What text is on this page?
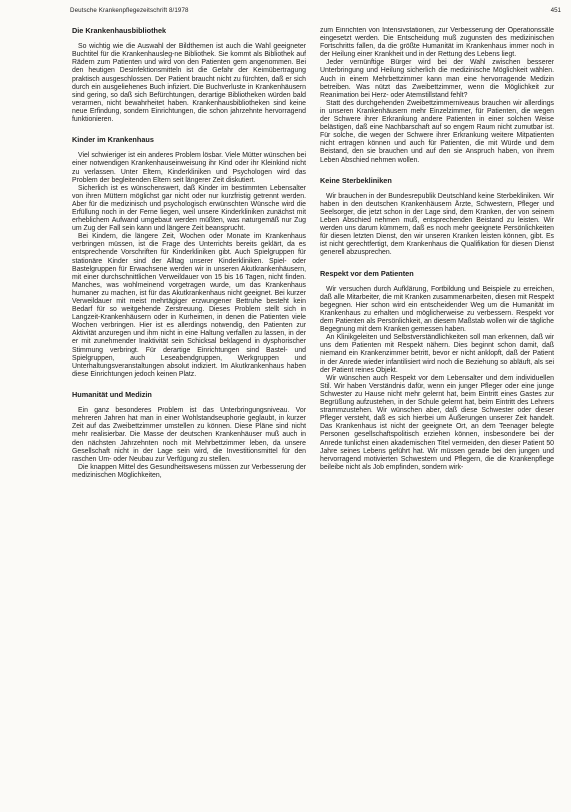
Deutsche Krankenpflegezeitschrift 8/1978	451
Die Krankenhausbibliothek

So wichtig wie die Auswahl der Bildthemen ist auch die Wahl geeigneter Buchtitel für die Krankenhausleg-ne Bibliothek. Sie kommt als Bibliothek auf Rädern zum Patienten und wird von den Patienten gern angenommen. Bei den heutigen Desinfektionsmitteln ist die Gefahr der Keimübertragung praktisch ausgeschlossen. Der Patient braucht nicht zu fürchten, daß er sich durch ein ausgeliehenes Buch infiziert. Die Buchverluste in Krankenhäusern sind gering, so daß sich Befürchtungen, derartige Bibliotheken würden bald verarmen, nicht bewahrheitet haben. Krankenhausbibliotheken sind keine neue Erfindung, sondern Einrichtungen, die schon jahrzehnte hervorragend funktionieren.

Kinder im Krankenhaus

Viel schwieriger ist ein anderes Problem lösbar. Viele Mütter wünschen bei einer notwendigen Krankenhauseinweisung ihr Kind oder ihr Kleinkind nicht zu verlassen. Unter Eltern, Kinderkliniken und Psychologen wird das Problem der begleitenden Eltern seit längerer Zeit diskutiert.

Sicherlich ist es wünschenswert, daß Kinder im bestimmten Lebensalter von ihren Müttern möglichst gar nicht oder nur kurzfristig getrennt werden. Aber für die medizinisch und psychologisch erwünschten Wünsche wird die Erfüllung noch in der Ferne liegen, weil unsere Kinderkliniken zunächst mit erheblichem Aufwand umgebaut werden müßten, was naturgemäß nur Zug um Zug der Fall sein kann und längere Zeit beansprucht.

Bei Kindern, die längere Zeit, Wochen oder Monate im Krankenhaus verbringen müssen, ist die Frage des Unterrichts bereits geklärt, da es entsprechende Vorschriften für Kinderkliniken gibt. Auch Spielgruppen für stationäre Kinder sind der Alltag unserer Kinderkliniken. Spiel- oder Bastelgruppen für Erwachsene werden wir in unseren Akutkrankenhäusern, mit einer durchschnittlichen Verweildauer von 15 bis 16 Tagen, nicht finden. Manches, was wohlmeinend vorgetragen wurde, um das Krankenhaus humaner zu machen, ist für das Akutkrankenhaus nicht geeignet. Bei kurzer Verweildauer mit meist mehrtägiger erzwungener Bettruhe besteht kein Bedarf für so weitgehende Zerstreuung. Dieses Problem stellt sich in Langzeit-Krankenhäusern oder in Kurheimen, in denen die Patienten viele Wochen verbringen. Hier ist es allerdings notwendig, den Patienten zur Aktivität anzuregen und ihm nicht in eine Haltung verfallen zu lassen, in der er mit zunehmender Inaktivität sein Schicksal beklagend in dysphorischer Stimmung verbringt. Für derartige Einrichtungen sind Bastel- und Spielgruppen, auch Leseabendgruppen, Werkgruppen und Unterhaltungsveranstaltungen absolut indiziert. Im Akutkrankenhaus haben diese Einrichtungen jedoch keinen Platz.

Humanität und Medizin

Ein ganz besonderes Problem ist das Unterbringungsniveau. Vor mehreren Jahren hat man in einer Wohlstandseuphorie geglaubt, in kurzer Zeit auf das Zweibettzimmer umstellen zu können. Diese Pläne sind nicht mehr realisierbar. Die Masse der deutschen Krankenhäuser muß auch in den nächsten Jahrzehnten noch mit Mehrbettzimmer leben, da unsere Gesellschaft nicht in der Lage sein wird, die Investitionsmittel für den raschen Um- oder Neubau zur Verfügung zu stellen.

Die knappen Mittel des Gesundheitswesens müssen zur Verbesserung der medizinischen Möglichkeiten,

zum Einrichten von Intensivstationen, zur Verbesserung der Operationssäle eingesetzt werden. Die Entscheidung muß zugunsten des medizinischen Fortschritts fallen, da die größte Humanität im Krankenhaus immer noch in der Heilung einer Krankheit und in der Rettung des Lebens liegt.

Jeder vernünftige Bürger wird bei der Wahl zwischen besserer Unterbringung und Heilung sicherlich die medizinische Möglichkeit wählen. Auch in einem Mehrbettzimmer kann man eine hervorragende Medizin betreiben. Was nützt das Zweibettzimmer, wenn die Möglichkeit zur Reanimation bei Herz- oder Atemstillstand fehlt?

Statt des durchgehenden Zweibettzimmerniveaus brauchen wir allerdings in unseren Krankenhäusern mehr Einzelzimmer, für Patienten, die wegen der Schwere ihrer Erkrankung andere Patienten in einer solchen Weise belästigen, daß eine Nachbarschaft auf so engem Raum nicht zumutbar ist. Für solche, die wegen der Schwere ihrer Erkrankung weitere Mitpatienten nicht ertragen können und auch für Patienten, die mit Würde und dem Beistand, den sie brauchen und auf den sie Anspruch haben, von ihrem Leben Abschied nehmen wollen.

Keine Sterbekliniken

Wir brauchen in der Bundesrepublik Deutschland keine Sterbekliniken. Wir haben in den deutschen Krankenhäusern Ärzte, Schwestern, Pfleger und Seelsorger, die jetzt schon in der Lage sind, dem Kranken, der von seinem Leben Abschied nehmen muß, entsprechenden Beistand zu leisten. Wir werden uns darum kümmern, daß es noch mehr geeignete Persönlichkeiten für diesen letzten Dienst, den wir unseren Kranken leisten können, gibt. Es ist nicht gerechtfertigt, dem Krankenhaus die Qualifikation für diesen Dienst generell abzusprechen.

Respekt vor dem Patienten

Wir versuchen durch Aufklärung, Fortbildung und Beispiele zu erreichen, daß alle Mitarbeiter, die mit Kranken zusammenarbeiten, diesen mit Respekt begegnen. Hier schon wird ein entscheidender Weg um die Humanität im Krankenhaus zu erhalten und möglicherweise zu verbessern. Respekt vor dem Patienten als Persönlichkeit, an diesem Maßstab wollen wir die tägliche Begegnung mit dem Kranken gemessen haben.

An Klinikgeleiten und Selbstverständlichkeiten soll man erkennen, daß wir uns dem Patienten mit Respekt nähern. Dies beginnt schon damit, daß niemand ein Krankenzimmer betritt, bevor er nicht anklopft, daß der Patient in der Anrede wieder infantilisiert wird noch die Beziehung so abläuft, als sei der Patient reines Objekt.

Wir wünschen auch Respekt vor dem Lebensalter und dem individuellen Stil. Wir haben Verständnis dafür, wenn ein junger Pfleger oder eine junge Schwester zu Hause nicht mehr gelernt hat, beim Eintritt eines Gastes zur Begrüßung aufzustehen, in der Schule gelernt hat, beim Eintritt des Lehrers strammzustehen. Wir wünschen aber, daß diese Schwester oder dieser Pfleger versteht, daß es sich hierbei um Äußerungen unserer Zeit handelt. Das Krankenhaus ist nicht der geeignete Ort, an dem Teenager belegte Personen gesellschaftspolitisch erziehen können, insbesondere bei der Anrede tunlichst einen akademischen Titel vermeiden, den dieser Patient 50 Jahre seines Lebens geführt hat. Wir müssen gerade bei den jungen und hervorragend motivierten Schwestern und Pflegern, die die Krankenpflege beileibe nicht als Job empfinden, sondern wirk-
